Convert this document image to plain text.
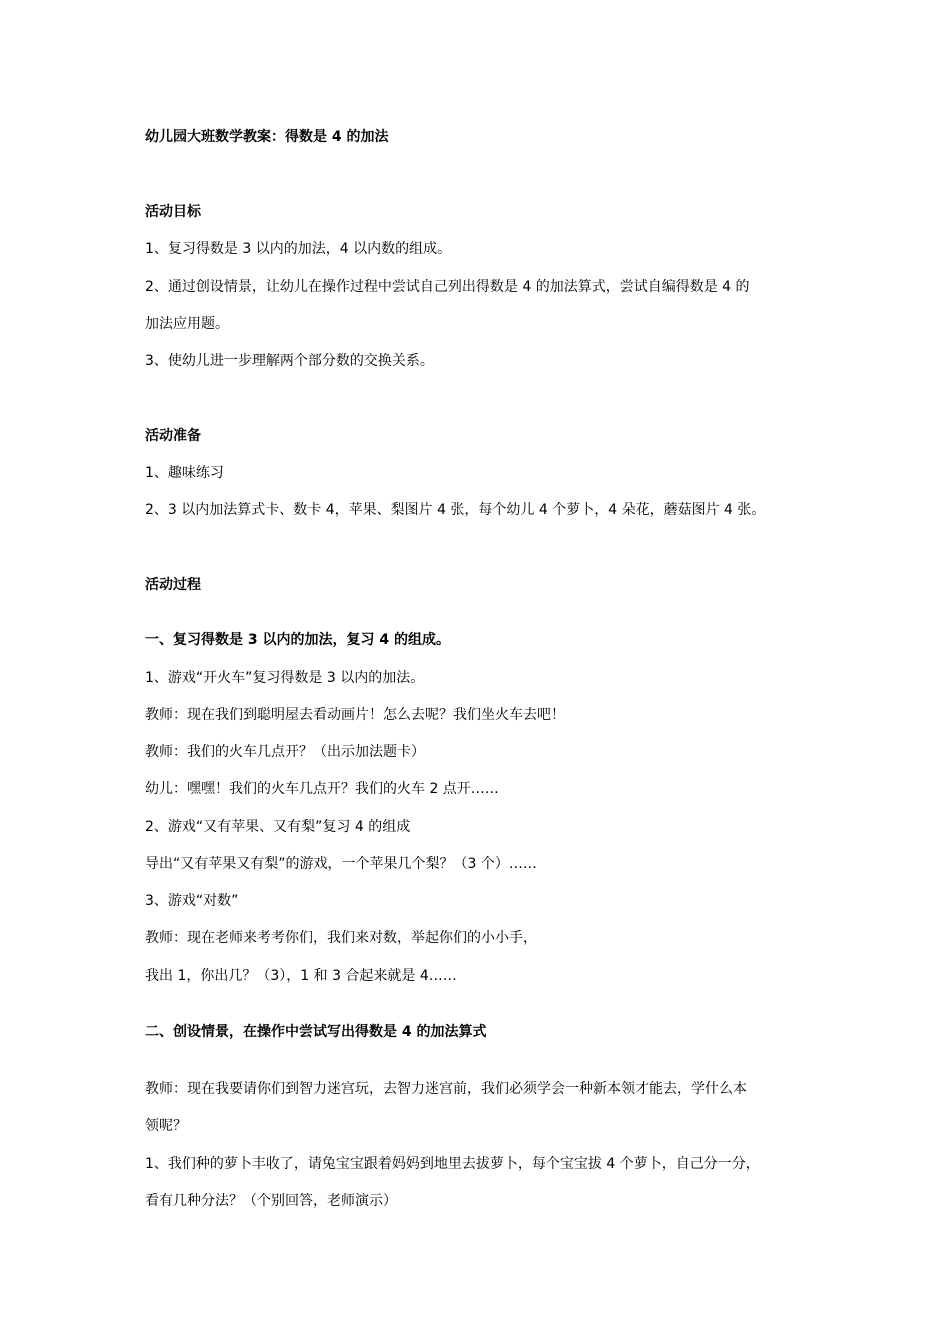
幼儿园大班数学教案：得数是 4 的加法
活动目标
1、复习得数是 3 以内的加法，4 以内数的组成。
2、通过创设情景，让幼儿在操作过程中尝试自己列出得数是 4 的加法算式，尝试自编得数是 4 的
加法应用题。
3、使幼儿进一步理解两个部分数的交换关系。
活动准备
1、趣味练习
2、3 以内加法算式卡、数卡 4，苹果、梨图片 4 张，每个幼儿 4 个萝卜，4 朵花，蘑菇图片 4 张。
活动过程
一、复习得数是 3 以内的加法，复习 4 的组成。
1、游戏“开火车”复习得数是 3 以内的加法。
教师：现在我们到聪明屋去看动画片！怎么去呢？我们坐火车去吧！
教师：我们的火车几点开？（出示加法题卡）
幼儿：嘿嘿！我们的火车几点开？我们的火车 2 点开……
2、游戏“又有苹果、又有梨”复习 4 的组成
导出“又有苹果又有梨”的游戏，一个苹果几个梨？（3 个）……
3、游戏“对数”
教师：现在老师来考考你们，我们来对数，举起你们的小小手，
我出 1，你出几？（3），1 和 3 合起来就是 4……
二、创设情景，在操作中尝试写出得数是 4 的加法算式
教师：现在我要请你们到智力迷宫玩，去智力迷宫前，我们必须学会一种新本领才能去，学什么本
领呢？
1、我们种的萝卜丰收了，请兔宝宝跟着妈妈到地里去拔萝卜，每个宝宝拔 4 个萝卜，自己分一分，
看有几种分法？（个别回答，老师演示）
